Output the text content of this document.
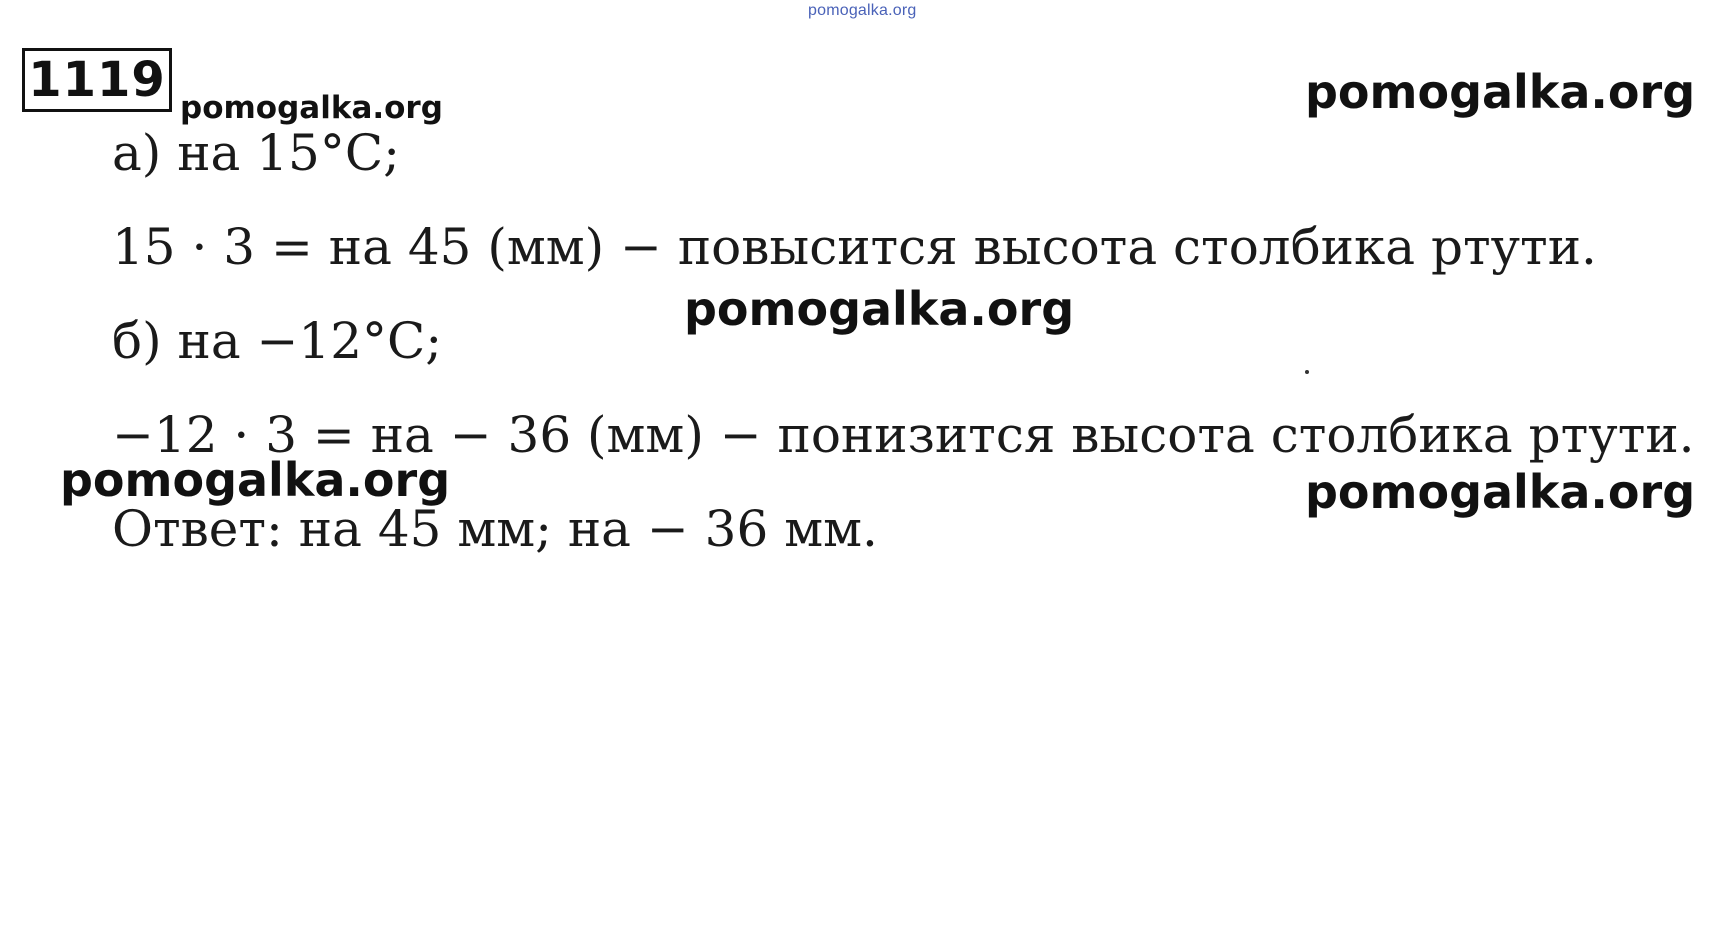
pomogalka.org
1119 pomogalka.org	pomogalka.org
а) на 15°C;
15 · 3 = на 45 (мм) − повысится высота столбика ртути.
pomogalka.org
б) на −12°C;
−12 · 3 = на − 36 (мм) − понизится высота столбика ртути.
pomogalka.org	pomogalka.org
Ответ: на 45 мм; на − 36 мм.
